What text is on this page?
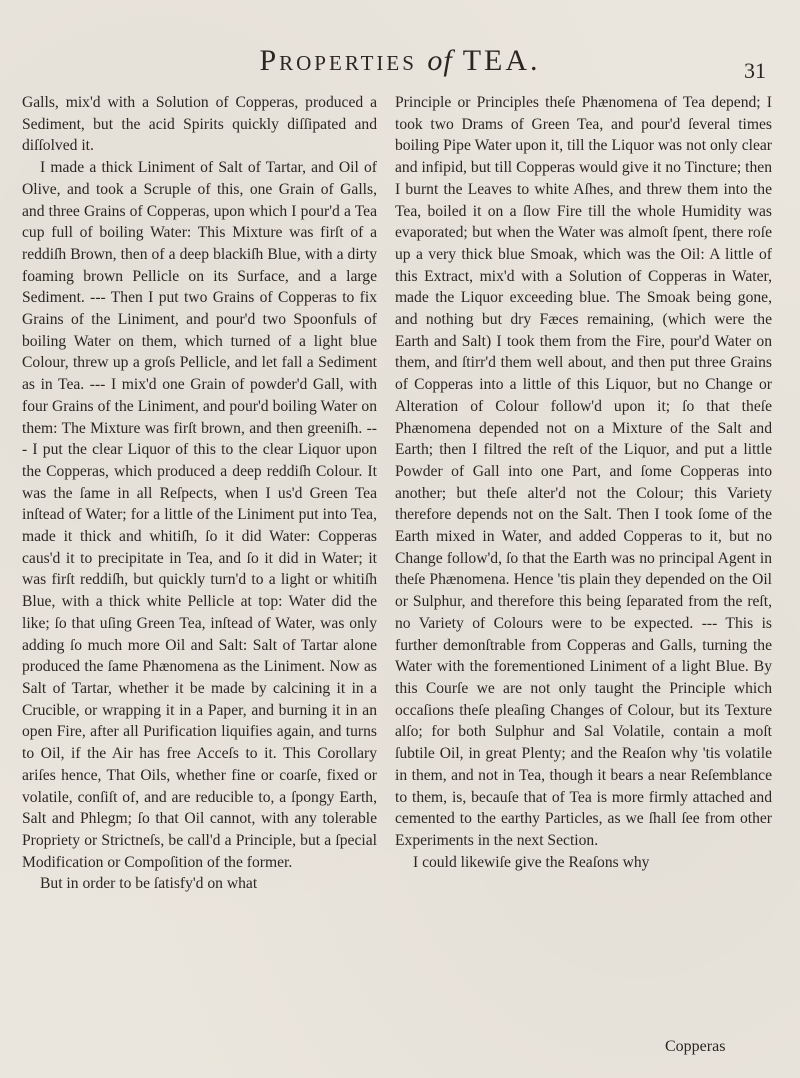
Properties of TEA.	31

Galls, mix'd with a Solution of Copperas, produced a Sediment, but the acid Spirits quickly diſſipated and diſſolved it.

I made a thick Liniment of Salt of Tartar, and Oil of Olive, and took a Scruple of this, one Grain of Galls, and three Grains of Copperas, upon which I pour'd a Tea cup full of boiling Water: This Mixture was firſt of a reddiſh Brown, then of a deep blackiſh Blue, with a dirty foaming brown Pellicle on its Surface, and a large Sediment. --- Then I put two Grains of Copperas to fix Grains of the Liniment, and pour'd two Spoonfuls of boiling Water on them, which turned of a light blue Colour, threw up a groſs Pellicle, and let fall a Sediment as in Tea. --- I mix'd one Grain of powder'd Gall, with four Grains of the Liniment, and pour'd boiling Water on them: The Mixture was firſt brown, and then greeniſh. --- I put the clear Liquor of this to the clear Liquor upon the Copperas, which produced a deep reddiſh Colour. It was the ſame in all Reſpects, when I us'd Green Tea inſtead of Water; for a little of the Liniment put into Tea, made it thick and whitiſh, ſo it did Water: Copperas caus'd it to precipitate in Tea, and ſo it did in Water; it was firſt reddiſh, but quickly turn'd to a light or whitiſh Blue, with a thick white Pellicle at top: Water did the like; ſo that uſing Green Tea, inſtead of Water, was only adding ſo much more Oil and Salt: Salt of Tartar alone produced the ſame Phænomena as the Liniment. Now as Salt of Tartar, whether it be made by calcining it in a Crucible, or wrapping it in a Paper, and burning it in an open Fire, after all Purification liquifies again, and turns to Oil, if the Air has free Acceſs to it. This Corollary ariſes hence, That Oils, whether fine or coarſe, fixed or volatile, conſiſt of, and are reducible to, a ſpongy Earth, Salt and Phlegm; ſo that Oil cannot, with any tolerable Propriety or Strictneſs, be call'd a Principle, but a ſpecial Modification or Compoſition of the former.

But in order to be ſatisfy'd on what

Principle or Principles theſe Phænomena of Tea depend; I took two Drams of Green Tea, and pour'd ſeveral times boiling Pipe Water upon it, till the Liquor was not only clear and infipid, but till Copperas would give it no Tincture; then I burnt the Leaves to white Aſhes, and threw them into the Tea, boiled it on a ſlow Fire till the whole Humidity was evaporated; but when the Water was almoſt ſpent, there roſe up a very thick blue Smoak, which was the Oil: A little of this Extract, mix'd with a Solution of Copperas in Water, made the Liquor exceeding blue. The Smoak being gone, and nothing but dry Fæces remaining, (which were the Earth and Salt) I took them from the Fire, pour'd Water on them, and ſtirr'd them well about, and then put three Grains of Copperas into a little of this Liquor, but no Change or Alteration of Colour follow'd upon it; ſo that theſe Phænomena depended not on a Mixture of the Salt and Earth; then I filtred the reſt of the Liquor, and put a little Powder of Gall into one Part, and ſome Copperas into another; but theſe alter'd not the Colour; this Variety therefore depends not on the Salt. Then I took ſome of the Earth mixed in Water, and added Copperas to it, but no Change follow'd, ſo that the Earth was no principal Agent in theſe Phænomena. Hence 'tis plain they depended on the Oil or Sulphur, and therefore this being ſeparated from the reſt, no Variety of Colours were to be expected. --- This is further demonſtrable from Copperas and Galls, turning the Water with the forementioned Liniment of a light Blue. By this Courſe we are not only taught the Principle which occaſions theſe pleaſing Changes of Colour, but its Texture alſo; for both Sulphur and Sal Volatile, contain a moſt ſubtile Oil, in great Plenty; and the Reaſon why 'tis volatile in them, and not in Tea, though it bears a near Reſemblance to them, is, becauſe that of Tea is more firmly attached and cemented to the earthy Particles, as we ſhall ſee from other Experiments in the next Section.

I could likewiſe give the Reaſons why

Copperas
